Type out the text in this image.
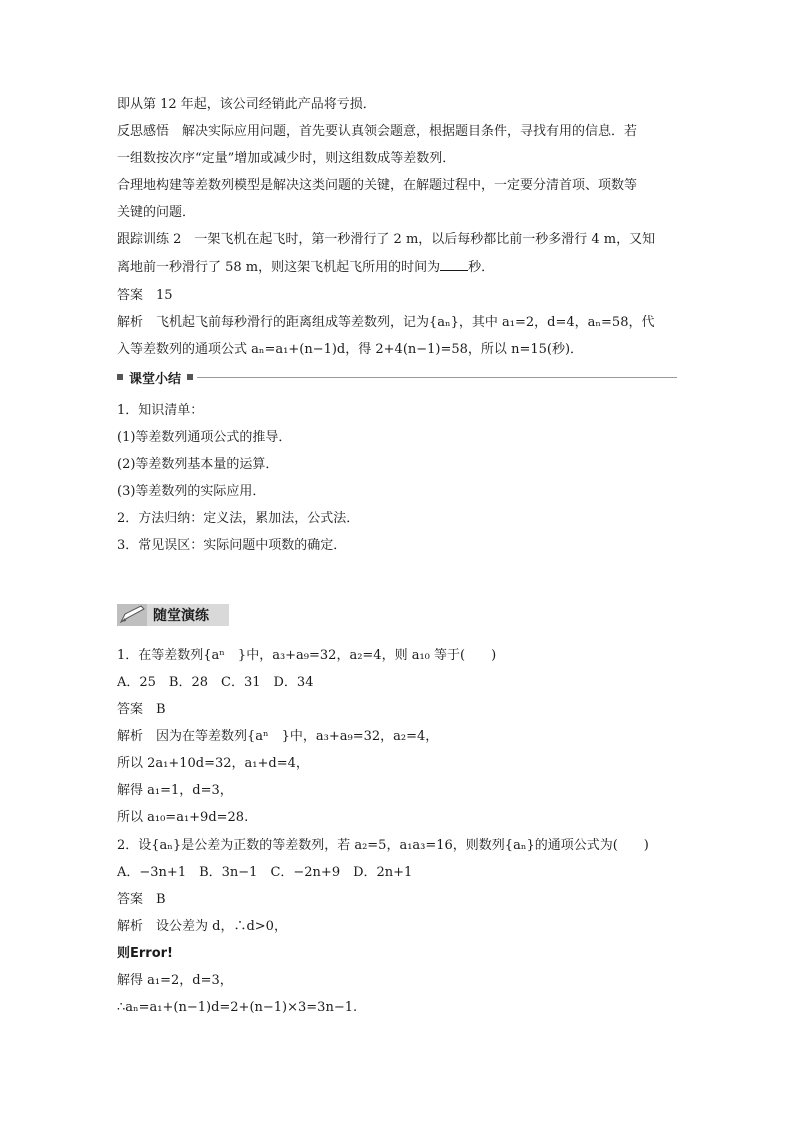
即从第 12 年起，该公司经销此产品将亏损．
反思感悟　解决实际应用问题，首先要认真领会题意，根据题目条件，寻找有用的信息．若
一组数按次序“定量”增加或减少时，则这组数成等差数列．
合理地构建等差数列模型是解决这类问题的关键，在解题过程中，一定要分清首项、项数等
关键的问题．
跟踪训练 2　一架飞机在起飞时，第一秒滑行了 2 m，以后每秒都比前一秒多滑行 4 m，又知
离地前一秒滑行了 58 m，则这架飞机起飞所用的时间为 秒．
答案　15
解析　飞机起飞前每秒滑行的距离组成等差数列，记为{aₙ}，其中 a₁=2，d=4，aₙ=58，代
入等差数列的通项公式 aₙ=a₁+(n−1)d，得 2+4(n−1)=58，所以 n=15(秒)．
课堂小结
1．知识清单：
(1)等差数列通项公式的推导．
(2)等差数列基本量的运算．
(3)等差数列的实际应用．
2．方法归纳：定义法，累加法，公式法．
3．常见误区：实际问题中项数的确定．
随堂演练
1．在等差数列{aⁿ　}中，a₃+a₉=32，a₂=4，则 a₁₀ 等于(　　)
A．25　B．28　C．31　D．34
答案　B
解析　因为在等差数列{aⁿ　}中，a₃+a₉=32，a₂=4，
所以 2a₁+10d=32，a₁+d=4，
解得 a₁=1，d=3，
所以 a₁₀=a₁+9d=28.
2．设{aₙ}是公差为正数的等差数列，若 a₂=5，a₁a₃=16，则数列{aₙ}的通项公式为(　　)
A．−3n+1　B．3n−1　C．−2n+9　D．2n+1
答案　B
解析　设公差为 d，∴d>0，
则Error!
解得 a₁=2，d=3，
∴aₙ=a₁+(n−1)d=2+(n−1)×3=3n−1.
